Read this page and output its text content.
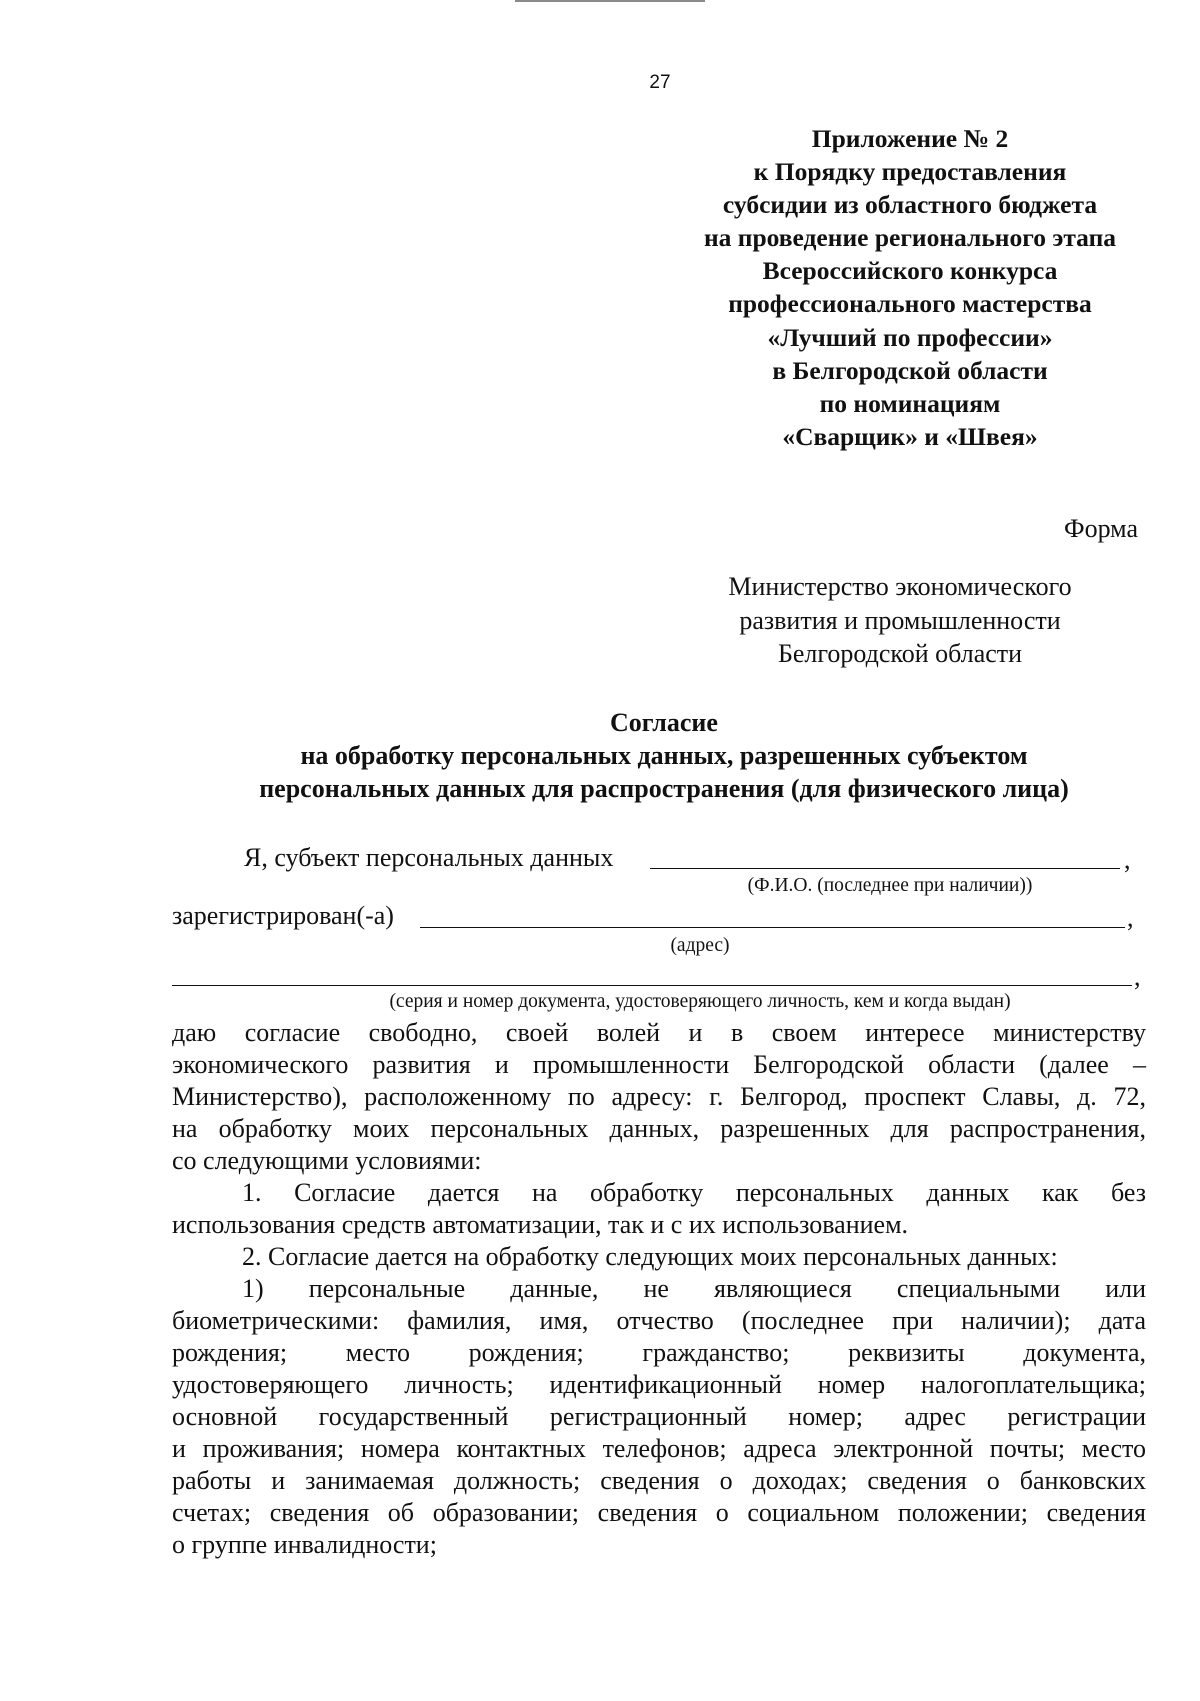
27
Приложение № 2
к Порядку предоставления
субсидии из областного бюджета
на проведение регионального этапа
Всероссийского конкурса
профессионального мастерства
«Лучший по профессии»
в Белгородской области
по номинациям
«Сварщик» и «Швея»
Форма
Министерство экономического
развития и промышленности
Белгородской области
Согласие
на обработку персональных данных, разрешенных субъектом
персональных данных для распространения (для физического лица)
Я, субъект персональных данных	,
(Ф.И.О. (последнее при наличии))
зарегистрирован(-а)	,
(адрес)
,
(серия и номер документа, удостоверяющего личность, кем и когда выдан)
даю согласие свободно, своей волей и в своем интересе министерству
экономического развития и промышленности Белгородской области (далее –
Министерство), расположенному по адресу: г. Белгород, проспект Славы, д. 72,
на обработку моих персональных данных, разрешенных для распространения,
со следующими условиями:
1. Согласие дается на обработку персональных данных как без
использования средств автоматизации, так и с их использованием.
2. Согласие дается на обработку следующих моих персональных данных:
1) персональные данные, не являющиеся специальными или
биометрическими: фамилия, имя, отчество (последнее при наличии); дата
рождения; место рождения; гражданство; реквизиты документа,
удостоверяющего личность; идентификационный номер налогоплательщика;
основной государственный регистрационный номер; адрес регистрации
и проживания; номера контактных телефонов; адреса электронной почты; место
работы и занимаемая должность; сведения о доходах; сведения о банковских
счетах; сведения об образовании; сведения о социальном положении; сведения
о группе инвалидности;
